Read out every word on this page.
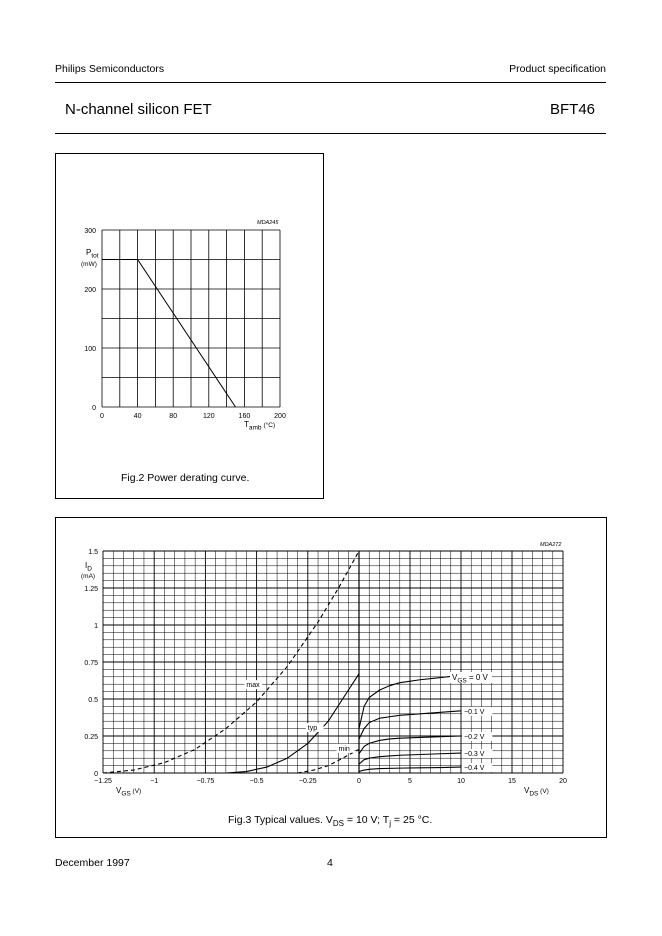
Philips Semiconductors	Product specification
N-channel silicon FET	BFT46
0	40	80	120	160	200
0
100
200
300
MDA245
$P_{tot}$
(mW)
$T_{amb}$ $^{(^\circ C)}$
Fig.2 Power derating curve.
max
typ
min
−0.1 V
−0.2 V
−0.3 V
−0.4 V
−1.25	−1	−0.75	−0.5	−0.25	0	5	10	15	20
0
0.25
0.5
0.75
1
1.25
1.5
MDA272
$I_D$
(mA)
$V_{GS}$ $^{(V)}$	$V_{DS}$ $^{(V)}$
$V_{GS} = 0$ V
Fig.3 Typical values. $V_{DS} = 10$ V; $T_j = 25$ °C.
December 1997	4
